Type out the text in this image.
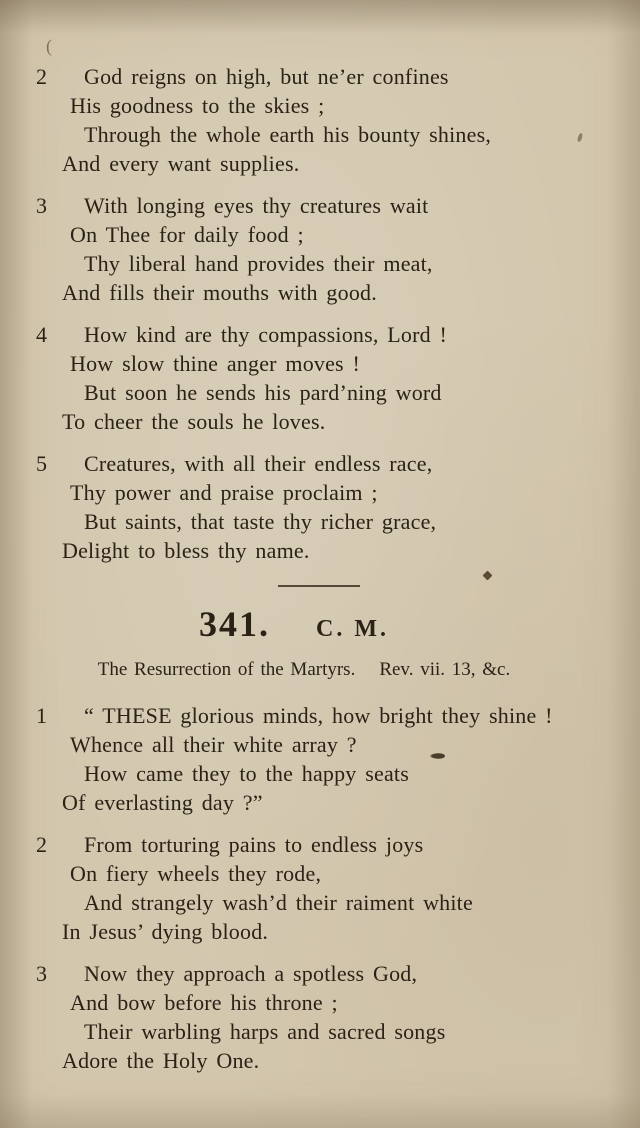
(
2 God reigns on high, but ne’er confines
His goodness to the skies ;
Through the whole earth his bounty shines,
And every want supplies.
3 With longing eyes thy creatures wait
On Thee for daily food ;
Thy liberal hand provides their meat,
And fills their mouths with good.
4 How kind are thy compassions, Lord !
How slow thine anger moves !
But soon he sends his pard’ning word
To cheer the souls he loves.
5 Creatures, with all their endless race,
Thy power and praise proclaim ;
But saints, that taste thy richer grace,
Delight to bless thy name.
341. C. M.

The Resurrection of the Martyrs. Rev. vii. 13, &c.

1 “ THESE glorious minds, how bright they shine !
Whence all their white array ?
How came they to the happy seats
Of everlasting day ?”
2 From torturing pains to endless joys
On fiery wheels they rode,
And strangely wash’d their raiment white
In Jesus’ dying blood.
3 Now they approach a spotless God,
And bow before his throne ;
Their warbling harps and sacred songs
Adore the Holy One.
